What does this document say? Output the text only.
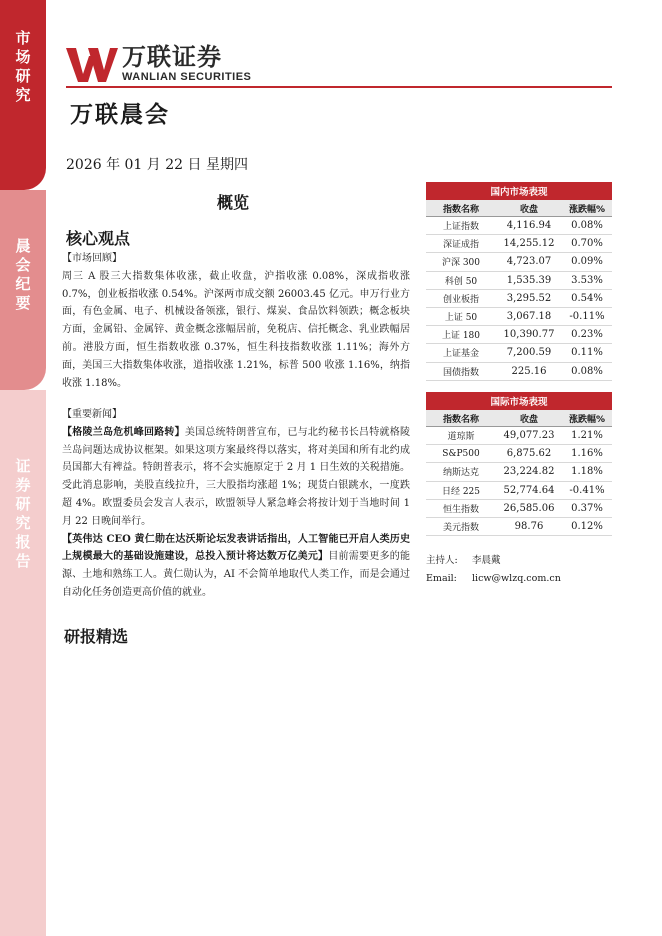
市场研究
晨会纪要
证券研究报告
万联证券
WANLIAN SECURITIES
万联晨会
2026 年 01 月 22 日 星期四
概览
核心观点
【市场回顾】
周三 A 股三大指数集体收涨，截止收盘，沪指收涨 0.08%，深成指收涨 0.7%，创业板指收涨 0.54%。沪深两市成交额 26003.45 亿元。申万行业方面，有色金属、电子、机械设备领涨，银行、煤炭、食品饮料领跌；概念板块方面，金属铅、金属锌、黄金概念涨幅居前，免税店、信托概念、乳业跌幅居前。港股方面，恒生指数收涨 0.37%，恒生科技指数收涨 1.11%；海外方面，美国三大指数集体收涨，道指收涨 1.21%，标普 500 收涨 1.16%，纳指收涨 1.18%。
【重要新闻】
【格陵兰岛危机峰回路转】美国总统特朗普宣布，已与北约秘书长吕特就格陵兰岛问题达成协议框架。如果这项方案最终得以落实，将对美国和所有北约成员国都大有裨益。特朗普表示，将不会实施原定于 2 月 1 日生效的关税措施。受此消息影响，美股直线拉升，三大股指均涨超 1%；现货白银跳水，一度跌超 4%。欧盟委员会发言人表示，欧盟领导人紧急峰会将按计划于当地时间 1 月 22 日晚间举行。
【英伟达 CEO 黄仁勋在达沃斯论坛发表讲话指出，人工智能已开启人类历史上规模最大的基础设施建设，总投入预计将达数万亿美元】目前需要更多的能源、土地和熟练工人。黄仁勋认为，AI 不会简单地取代人类工作，而是会通过自动化任务创造更高价值的就业。
研报精选
国内市场表现
指数名称	收盘	涨跌幅%
上证指数	4,116.94	0.08%
深证成指	14,255.12	0.70%
沪深 300	4,723.07	0.09%
科创 50	1,535.39	3.53%
创业板指	3,295.52	0.54%
上证 50	3,067.18	-0.11%
上证 180	10,390.77	0.23%
上证基金	7,200.59	0.11%
国债指数	225.16	0.08%
国际市场表现
指数名称	收盘	涨跌幅%
道琼斯	49,077.23	1.21%
S&P500	6,875.62	1.16%
纳斯达克	23,224.82	1.18%
日经 225	52,774.64	-0.41%
恒生指数	26,585.06	0.37%
美元指数	98.76	0.12%
主持人: 李晨戴
Email: licw@wlzq.com.cn
